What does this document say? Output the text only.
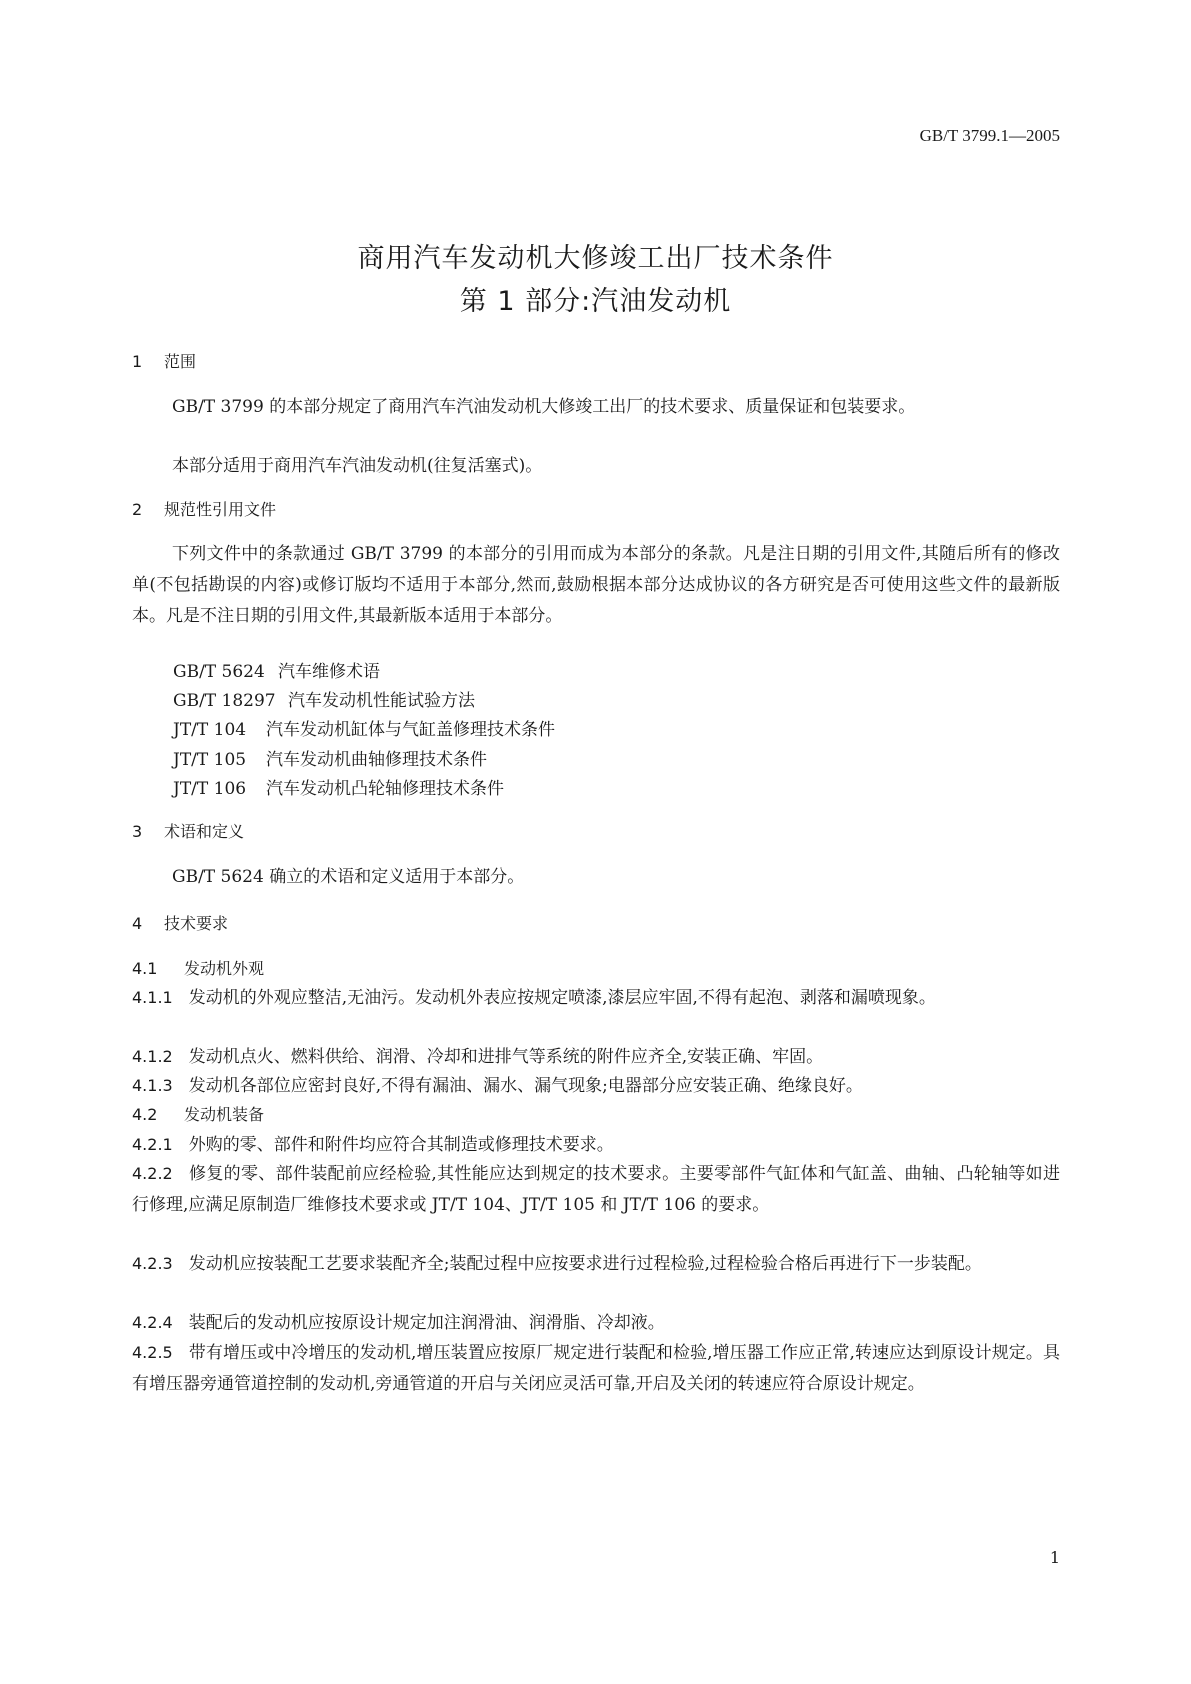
GB/T 3799.1—2005
商用汽车发动机大修竣工出厂技术条件
第 1 部分:汽油发动机
1 范围
GB/T 3799 的本部分规定了商用汽车汽油发动机大修竣工出厂的技术要求、质量保证和包装要求。
本部分适用于商用汽车汽油发动机(往复活塞式)。
2 规范性引用文件
下列文件中的条款通过 GB/T 3799 的本部分的引用而成为本部分的条款。凡是注日期的引用文件,其随后所有的修改单(不包括勘误的内容)或修订版均不适用于本部分,然而,鼓励根据本部分达成协议的各方研究是否可使用这些文件的最新版本。凡是不注日期的引用文件,其最新版本适用于本部分。
GB/T 5624 汽车维修术语
GB/T 18297 汽车发动机性能试验方法
JT/T 104 汽车发动机缸体与气缸盖修理技术条件
JT/T 105 汽车发动机曲轴修理技术条件
JT/T 106 汽车发动机凸轮轴修理技术条件
3 术语和定义
GB/T 5624 确立的术语和定义适用于本部分。
4 技术要求
4.1 发动机外观
4.1.1 发动机的外观应整洁,无油污。发动机外表应按规定喷漆,漆层应牢固,不得有起泡、剥落和漏喷现象。
4.1.2 发动机点火、燃料供给、润滑、冷却和进排气等系统的附件应齐全,安装正确、牢固。
4.1.3 发动机各部位应密封良好,不得有漏油、漏水、漏气现象;电器部分应安装正确、绝缘良好。
4.2 发动机装备
4.2.1 外购的零、部件和附件均应符合其制造或修理技术要求。
4.2.2 修复的零、部件装配前应经检验,其性能应达到规定的技术要求。主要零部件气缸体和气缸盖、曲轴、凸轮轴等如进行修理,应满足原制造厂维修技术要求或 JT/T 104、JT/T 105 和 JT/T 106 的要求。
4.2.3 发动机应按装配工艺要求装配齐全;装配过程中应按要求进行过程检验,过程检验合格后再进行下一步装配。
4.2.4 装配后的发动机应按原设计规定加注润滑油、润滑脂、冷却液。
4.2.5 带有增压或中冷增压的发动机,增压装置应按原厂规定进行装配和检验,增压器工作应正常,转速应达到原设计规定。具有增压器旁通管道控制的发动机,旁通管道的开启与关闭应灵活可靠,开启及关闭的转速应符合原设计规定。
1
